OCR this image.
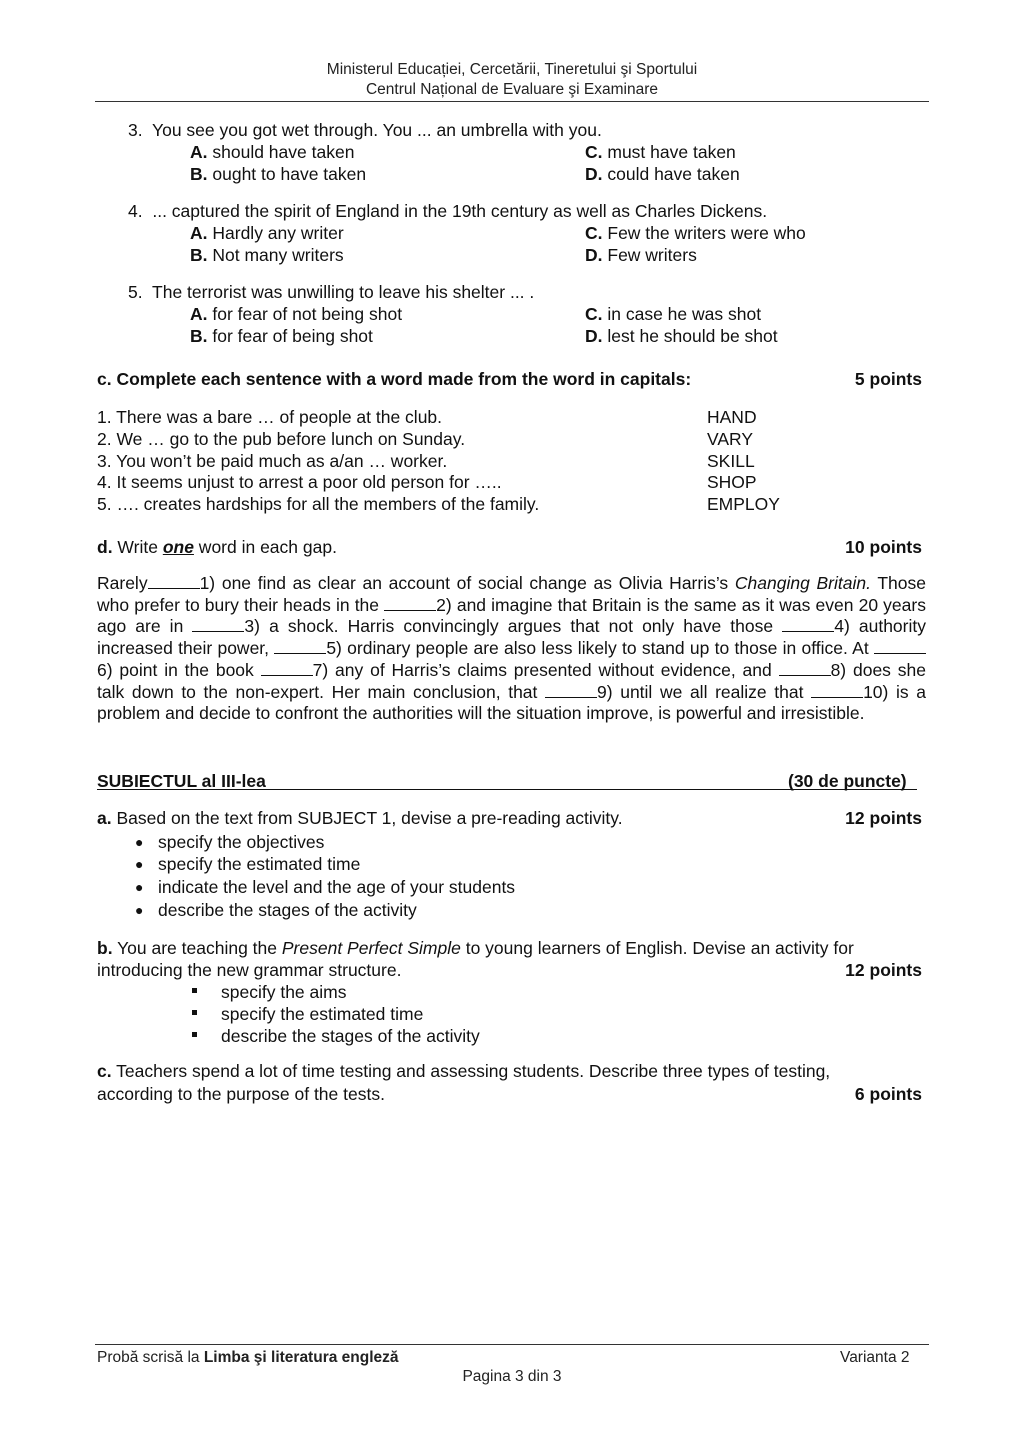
Ministerul Educației, Cercetării, Tineretului şi Sportului
Centrul Național de Evaluare şi Examinare
3. You see you got wet through. You ... an umbrella with you.
A. should have taken	C. must have taken
B. ought to have taken	D. could have taken
4. ... captured the spirit of England in the 19th century as well as Charles Dickens.
A. Hardly any writer	C. Few the writers were who
B. Not many writers	D. Few writers
5. The terrorist was unwilling to leave his shelter ... .
A. for fear of not being shot	C. in case he was shot
B. for fear of being shot	D. lest he should be shot
c. Complete each sentence with a word made from the word in capitals:	5 points
1. There was a bare … of people at the club.	HAND
2. We … go to the pub before lunch on Sunday.	VARY
3. You won’t be paid much as a/an … worker.	SKILL
4. It seems unjust to arrest a poor old person for …..	SHOP
5. …. creates hardships for all the members of the family.	EMPLOY
d. Write one word in each gap.	10 points
Rarely	1) one find as clear an account of social change as Olivia Harris’s Changing Britain. Those who prefer to bury their heads in the	2) and imagine that Britain is the same as it was even 20 years ago are in	3) a shock. Harris convincingly argues that not only have those	4) authority increased their power,	5) ordinary people are also less likely to stand up to those in office. At 6) point in the book	7) any of Harris’s claims presented without evidence, and	8) does she talk down to the non-expert. Her main conclusion, that	9) until we all realize that	10) is a problem and decide to confront the authorities will the situation improve, is powerful and irresistible.
SUBIECTUL al III-lea	(30 de puncte)
a. Based on the text from SUBJECT 1, devise a pre-reading activity.	12 points
● specify the objectives
● specify the estimated time
● indicate the level and the age of your students
● describe the stages of the activity
b. You are teaching the Present Perfect Simple to young learners of English. Devise an activity for
introducing the new grammar structure.	12 points
specify the aims
specify the estimated time
describe the stages of the activity
c. Teachers spend a lot of time testing and assessing students. Describe three types of testing,
according to the purpose of the tests.	6 points
Probă scrisă la Limba şi literatura engleză	Varianta 2
Pagina 3 din 3
